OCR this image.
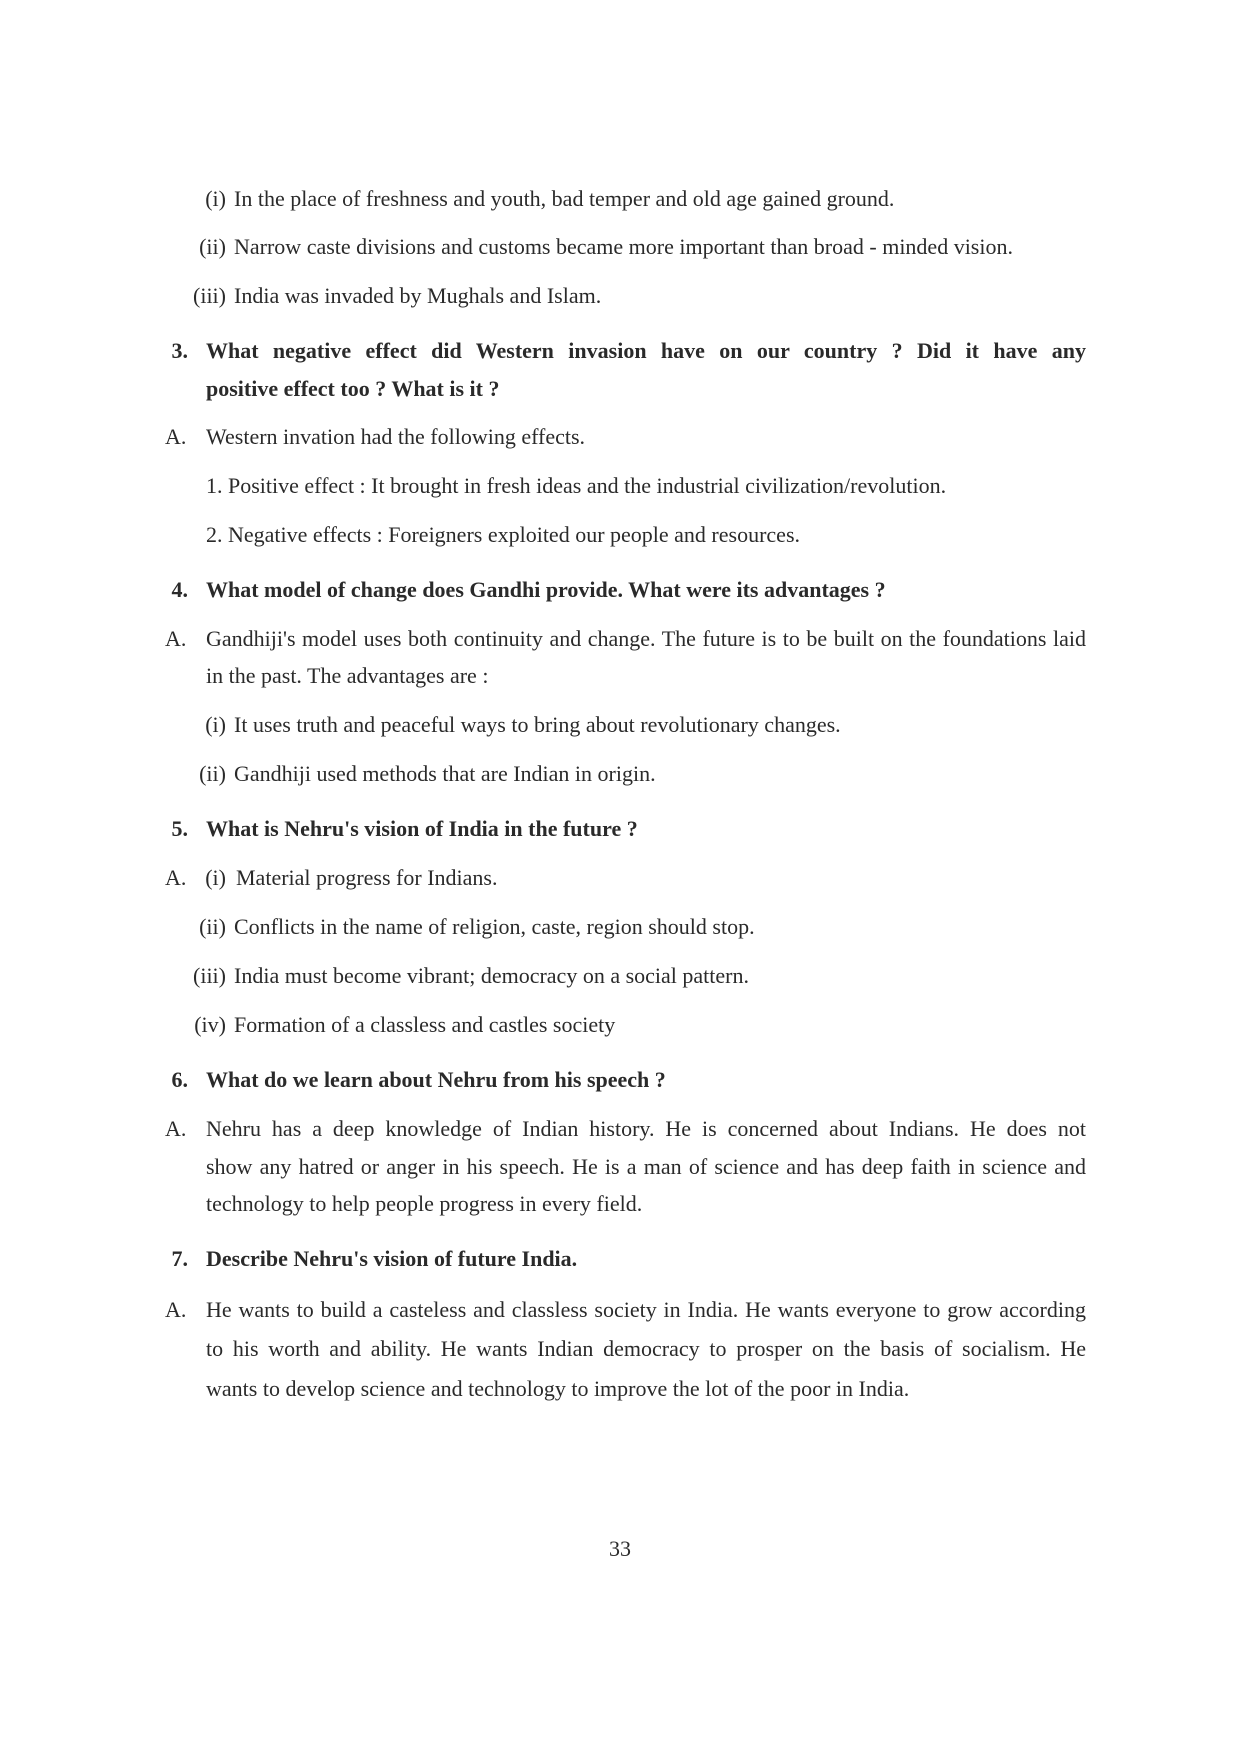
(i) In the place of freshness and youth, bad temper and old age gained ground.
(ii) Narrow caste divisions and customs became more important than broad - minded vision.
(iii) India was invaded by Mughals and Islam.
3. What negative effect did Western invasion have on our country ? Did it have any
positive effect too ? What is it ?
A. Western invation had the following effects.
1. Positive effect : It brought in fresh ideas and the industrial civilization/revolution.
2. Negative effects : Foreigners exploited our people and resources.
4. What model of change does Gandhi provide. What were its advantages ?
A. Gandhiji's model uses both continuity and change. The future is to be built on the foundations laid
in the past. The advantages are :
(i) It uses truth and peaceful ways to bring about revolutionary changes.
(ii) Gandhiji used methods that are Indian in origin.
5. What is Nehru's vision of India in the future ?
A. (i) Material progress for Indians.
(ii) Conflicts in the name of religion, caste, region should stop.
(iii) India must become vibrant; democracy on a social pattern.
(iv) Formation of a classless and castles society
6. What do we learn about Nehru from his speech ?
A. Nehru has a deep knowledge of Indian history. He is concerned about Indians. He does not
show any hatred or anger in his speech. He is a man of science and has deep faith in science and
technology to help people progress in every field.
7. Describe Nehru's vision of future India.
A. He wants to build a casteless and classless society in India. He wants everyone to grow according
to his worth and ability. He wants Indian democracy to prosper on the basis of socialism. He
wants to develop science and technology to improve the lot of the poor in India.
33
